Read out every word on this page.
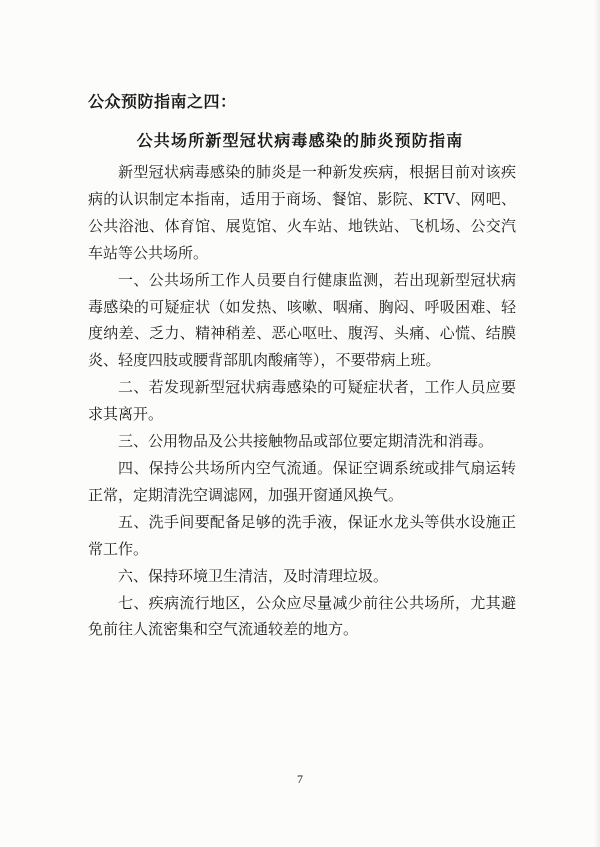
公众预防指南之四：
公共场所新型冠状病毒感染的肺炎预防指南

新型冠状病毒感染的肺炎是一种新发疾病，根据目前对该疾病的认识制定本指南，适用于商场、餐馆、影院、KTV、网吧、公共浴池、体育馆、展览馆、火车站、地铁站、飞机场、公交汽车站等公共场所。

一、公共场所工作人员要自行健康监测，若出现新型冠状病毒感染的可疑症状（如发热、咳嗽、咽痛、胸闷、呼吸困难、轻度纳差、乏力、精神稍差、恶心呕吐、腹泻、头痛、心慌、结膜炎、轻度四肢或腰背部肌肉酸痛等），不要带病上班。

二、若发现新型冠状病毒感染的可疑症状者，工作人员应要求其离开。

三、公用物品及公共接触物品或部位要定期清洗和消毒。

四、保持公共场所内空气流通。保证空调系统或排气扇运转正常，定期清洗空调滤网，加强开窗通风换气。

五、洗手间要配备足够的洗手液，保证水龙头等供水设施正常工作。

六、保持环境卫生清洁，及时清理垃圾。

七、疾病流行地区，公众应尽量减少前往公共场所，尤其避免前往人流密集和空气流通较差的地方。

7
